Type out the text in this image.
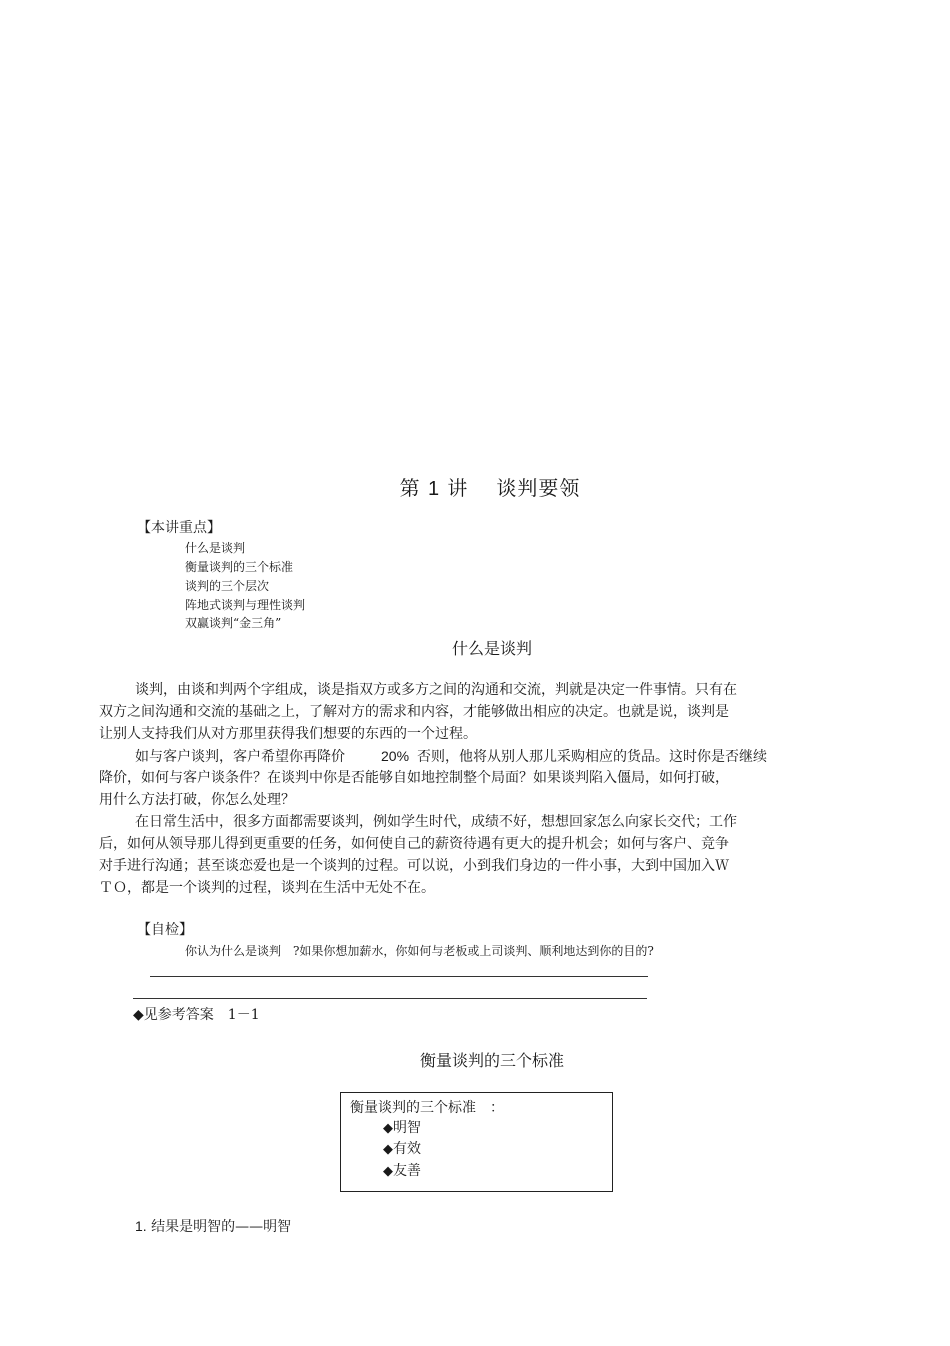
第 1 讲 谈判要领
【本讲重点】
什么是谈判
衡量谈判的三个标准
谈判的三个层次
阵地式谈判与理性谈判
双赢谈判“金三角”
什么是谈判
谈判，由谈和判两个字组成，谈是指双方或多方之间的沟通和交流，判就是决定一件事情。只有在
双方之间沟通和交流的基础之上，了解对方的需求和内容，才能够做出相应的决定。也就是说，谈判是
让别人支持我们从对方那里获得我们想要的东西的一个过程。
如与客户谈判，客户希望你再降价	20% 否则，他将从别人那儿采购相应的货品。这时你是否继续
降价，如何与客户谈条件？在谈判中你是否能够自如地控制整个局面？如果谈判陷入僵局，如何打破，
用什么方法打破，你怎么处理？
在日常生活中，很多方面都需要谈判，例如学生时代，成绩不好，想想回家怎么向家长交代；工作
后，如何从领导那儿得到更重要的任务，如何使自己的薪资待遇有更大的提升机会；如何与客户、竞争
对手进行沟通；甚至谈恋爱也是一个谈判的过程。可以说，小到我们身边的一件小事，大到中国加入Ｗ
ＴＯ，都是一个谈判的过程，谈判在生活中无处不在。
【自检】
你认为什么是谈判　?如果你想加薪水，你如何与老板或上司谈判、顺利地达到你的目的?
◆见参考答案 1－1
衡量谈判的三个标准
衡量谈判的三个标准　：
◆明智
◆有效
◆友善
1. 结果是明智的——明智
